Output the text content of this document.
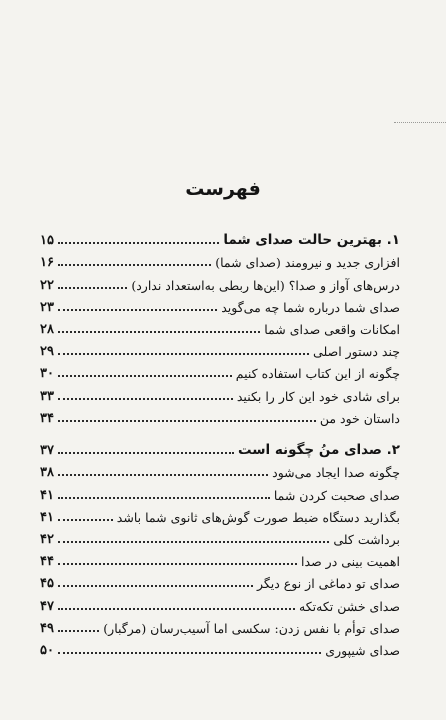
فهرست
۱. بهترین حالت صدای شما
۱۵
افزاری جدید و نیرومند (صدای شما)
۱۶
درس‌های آواز و صدا؟ (این‌ها ربطی به‌استعداد ندارد)
۲۲
صدای شما درباره شما چه می‌گوید
۲۳
امکانات واقعی صدای شما
۲۸
چند دستور اصلی
۲۹
چگونه از این کتاب استفاده کنیم
۳۰
برای شادی خود این کار را بکنید
۳۳
داستان خود من
۳۴
۲. صدای منُ چگونه است
۳۷
چگونه صدا ایجاد می‌شود
۳۸
صدای صحبت کردن شما
۴۱
بگذارید دستگاه ضبط صورت گوش‌های ثانوی شما باشد
۴۱
برداشت کلی
۴۲
اهمیت بینی در صدا
۴۴
صدای تو دماغی از نوع دیگر
۴۵
صدای خشن تکه‌تکه
۴۷
صدای توأم با نفس زدن: سکسی اما آسیب‌رسان (مرگبار)
۴۹
صدای شیپوری
۵۰
